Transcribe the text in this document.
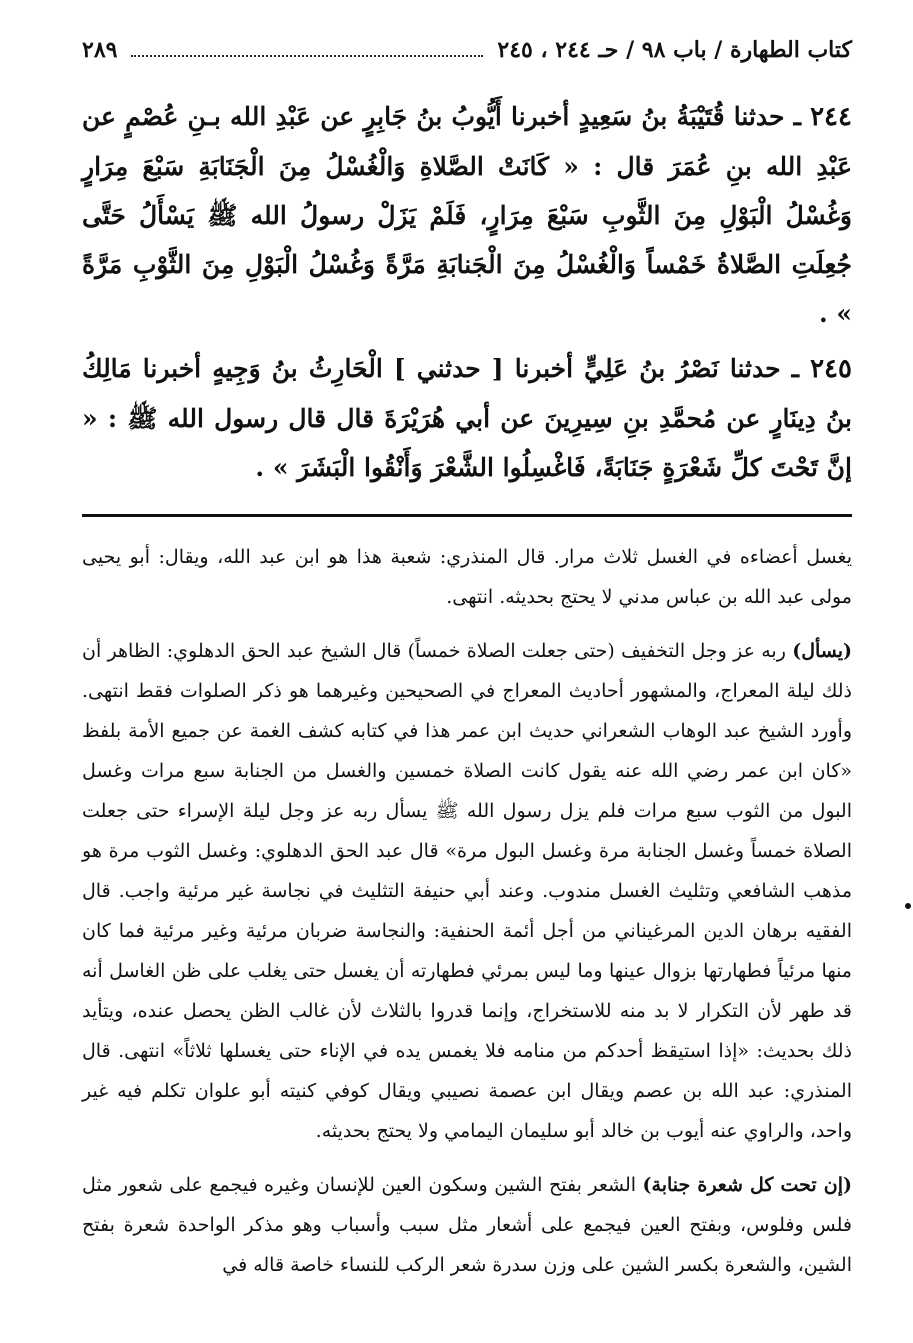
كتاب الطهارة / باب ٩٨ / حـ ٢٤٤ ، ٢٤٥
٢٨٩

٢٤٤ ـ حدثنا قُتَيْبَةُ بنُ سَعِيدٍ أخبرنا أَيُّوبُ بنُ جَابِرٍ عن عَبْدِ الله بـنِ عُصْمٍ عن عَبْدِ الله بنِ عُمَرَ قال : « كَانَتْ الصَّلاةِ وَالْغُسْلُ مِنَ الْجَنَابَةِ سَبْعَ مِرَارٍ وَغُسْلُ الْبَوْلِ مِنَ الثَّوبِ سَبْعَ مِرَارٍ، فَلَمْ يَزَلْ رسولُ الله ﷺ يَسْأَلُ حَتَّى جُعِلَتِ الصَّلاةُ خَمْساً وَالْغُسْلُ مِنَ الْجَنابَةِ مَرَّةً وَغُسْلُ الْبَوْلِ مِنَ الثَّوْبِ مَرَّةً » .

٢٤٥ ـ حدثنا نَصْرُ بنُ عَلِيٍّ أخبرنا [ حدثني ] الْحَارِثُ بنُ وَجِيهٍ أخبرنا مَالِكُ بنُ دِينَارٍ عن مُحمَّدِ بنِ سِيرِينَ عن أبي هُرَيْرَةَ قال قال رسول الله ﷺ : « إنَّ تَحْتَ كلِّ شَعْرَةٍ جَنَابَةً، فَاغْسِلُوا الشَّعْرَ وَأَنْقُوا الْبَشَرَ » .

يغسل أعضاءه في الغسل ثلاث مرار. قال المنذري: شعبة هذا هو ابن عبد الله، ويقال: أبو يحيى مولى عبد الله بن عباس مدني لا يحتج بحديثه. انتهى.

(يسأل) ربه عز وجل التخفيف (حتى جعلت الصلاة خمساً) قال الشيخ عبد الحق الدهلوي: الظاهر أن ذلك ليلة المعراج، والمشهور أحاديث المعراج في الصحيحين وغيرهما هو ذكر الصلوات فقط انتهى. وأورد الشيخ عبد الوهاب الشعراني حديث ابن عمر هذا في كتابه كشف الغمة عن جميع الأمة بلفظ «كان ابن عمر رضي الله عنه يقول كانت الصلاة خمسين والغسل من الجنابة سبع مرات وغسل البول من الثوب سبع مرات فلم يزل رسول الله ﷺ يسأل ربه عز وجل ليلة الإسراء حتى جعلت الصلاة خمساً وغسل الجنابة مرة وغسل البول مرة» قال عبد الحق الدهلوي: وغسل الثوب مرة هو مذهب الشافعي وتثليث الغسل مندوب. وعند أبي حنيفة التثليث في نجاسة غير مرئية واجب. قال الفقيه برهان الدين المرغيناني من أجل أئمة الحنفية: والنجاسة ضربان مرئية وغير مرئية فما كان منها مرئياً فطهارتها بزوال عينها وما ليس بمرئي فطهارته أن يغسل حتى يغلب على ظن الغاسل أنه قد طهر لأن التكرار لا بد منه للاستخراج، وإنما قدروا بالثلاث لأن غالب الظن يحصل عنده، ويتأيد ذلك بحديث: «إذا استيقظ أحدكم من منامه فلا يغمس يده في الإناء حتى يغسلها ثلاثاً» انتهى. قال المنذري: عبد الله بن عصم ويقال ابن عصمة نصيبي ويقال كوفي كنيته أبو علوان تكلم فيه غير واحد، والراوي عنه أيوب بن خالد أبو سليمان اليمامي ولا يحتج بحديثه.

(إن تحت كل شعرة جنابة) الشعر بفتح الشين وسكون العين للإنسان وغيره فيجمع على شعور مثل فلس وفلوس، وبفتح العين فيجمع على أشعار مثل سبب وأسباب وهو مذكر الواحدة شعرة بفتح الشين، والشعرة بكسر الشين على وزن سدرة شعر الركب للنساء خاصة قاله في
